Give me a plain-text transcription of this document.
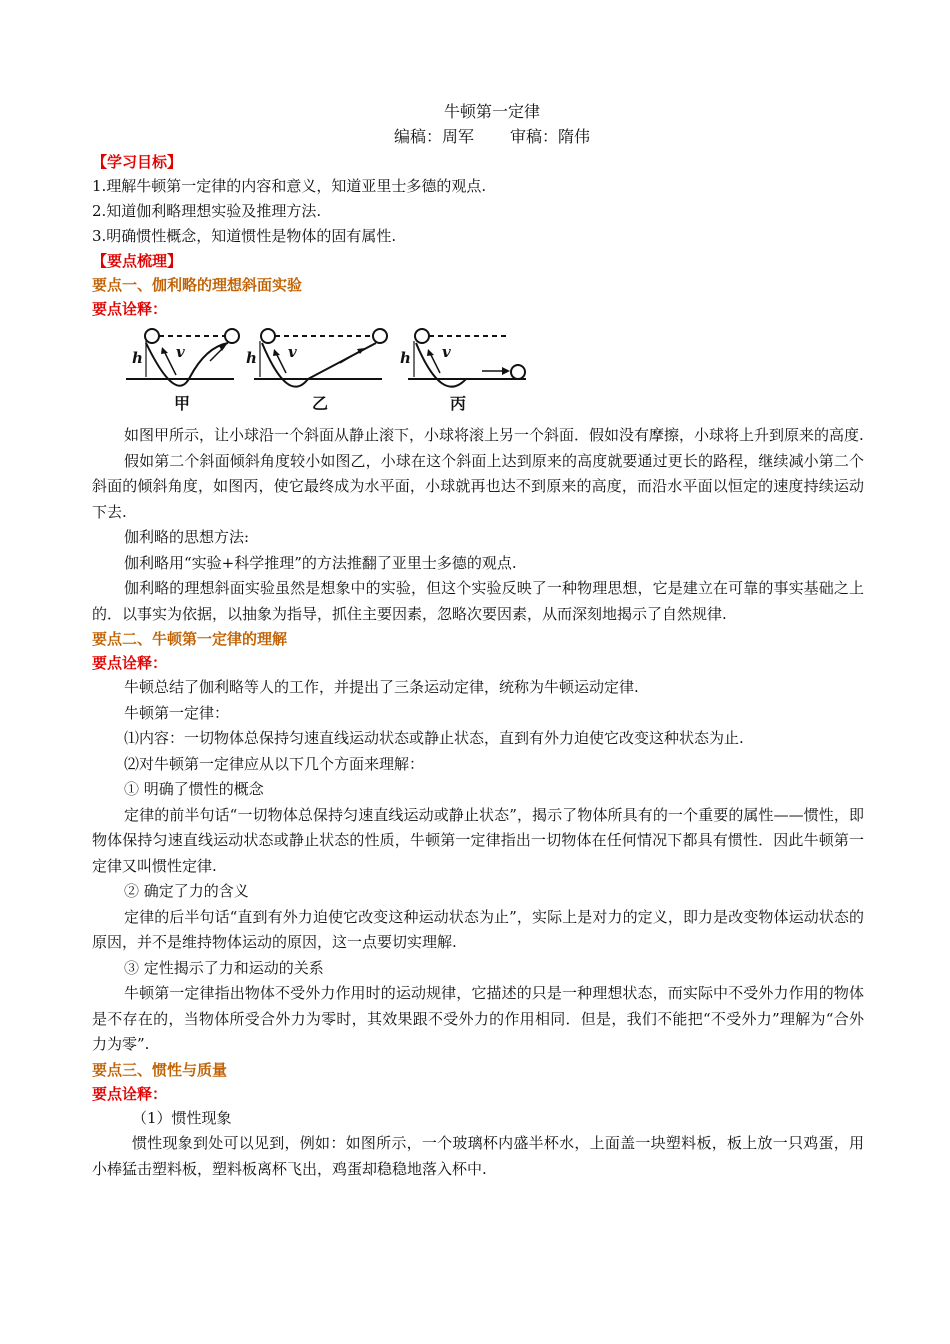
牛顿第一定律
编稿：周军 审稿：隋伟
【学习目标】
1.理解牛顿第一定律的内容和意义，知道亚里士多德的观点.
2.知道伽利略理想实验及推理方法.
3.明确惯性概念，知道惯性是物体的固有属性.
【要点梳理】
要点一、伽利略的理想斜面实验
要点诠释：
h v	h v	h v
甲	乙	丙

如图甲所示，让小球沿一个斜面从静止滚下，小球将滚上另一个斜面．假如没有摩擦，小球将上升到原来的高度.

假如第二个斜面倾斜角度较小如图乙，小球在这个斜面上达到原来的高度就要通过更长的路程，继续减小第二个斜面的倾斜角度，如图丙，使它最终成为水平面，小球就再也达不到原来的高度，而沿水平面以恒定的速度持续运动下去.

伽利略的思想方法:

伽利略用“实验+科学推理”的方法推翻了亚里士多德的观点.

伽利略的理想斜面实验虽然是想象中的实验，但这个实验反映了一种物理思想，它是建立在可靠的事实基础之上的．以事实为依据，以抽象为指导，抓住主要因素，忽略次要因素，从而深刻地揭示了自然规律.

要点二、牛顿第一定律的理解
要点诠释：

牛顿总结了伽利略等人的工作，并提出了三条运动定律，统称为牛顿运动定律.

牛顿第一定律：

⑴内容：一切物体总保持匀速直线运动状态或静止状态，直到有外力迫使它改变这种状态为止.

⑵对牛顿第一定律应从以下几个方面来理解：

① 明确了惯性的概念

定律的前半句话“一切物体总保持匀速直线运动或静止状态”，揭示了物体所具有的一个重要的属性——惯性，即物体保持匀速直线运动状态或静止状态的性质，牛顿第一定律指出一切物体在任何情况下都具有惯性．因此牛顿第一定律又叫惯性定律.

② 确定了力的含义

定律的后半句话“直到有外力迫使它改变这种运动状态为止”，实际上是对力的定义，即力是改变物体运动状态的原因，并不是维持物体运动的原因，这一点要切实理解.

③ 定性揭示了力和运动的关系

牛顿第一定律指出物体不受外力作用时的运动规律，它描述的只是一种理想状态，而实际中不受外力作用的物体是不存在的，当物体所受合外力为零时，其效果跟不受外力的作用相同．但是，我们不能把“不受外力”理解为“合外力为零”.

要点三、惯性与质量
要点诠释：

（1）惯性现象

惯性现象到处可以见到，例如：如图所示，一个玻璃杯内盛半杯水，上面盖一块塑料板，板上放一只鸡蛋，用小棒猛击塑料板，塑料板离杯飞出，鸡蛋却稳稳地落入杯中.
